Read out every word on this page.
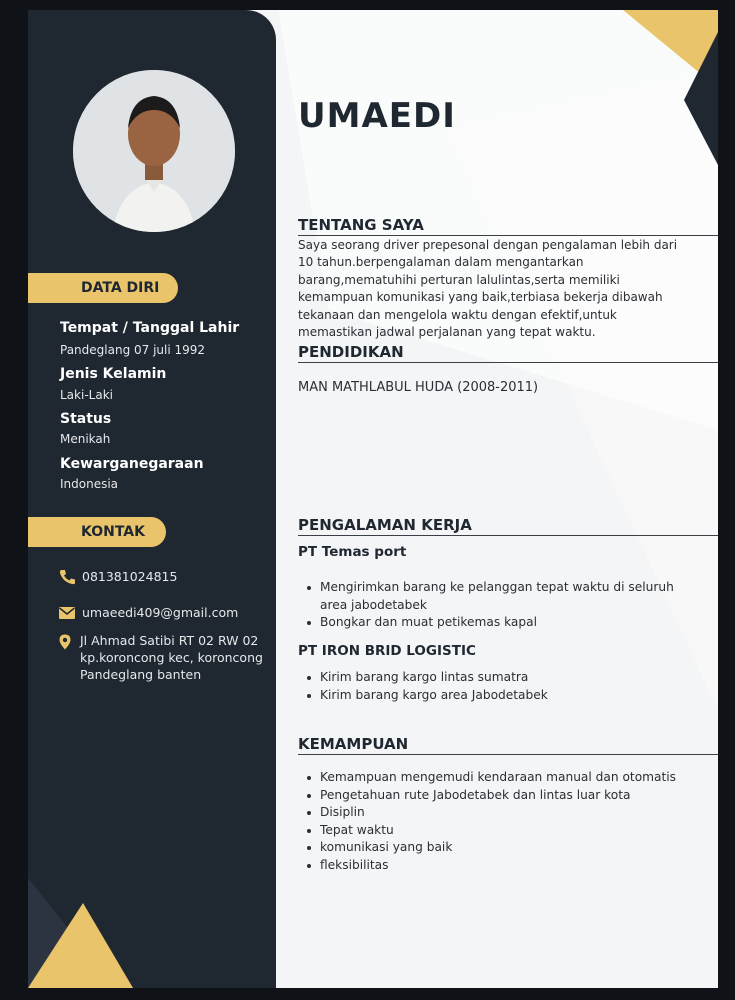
DATA DIRI
Tempat / Tanggal Lahir
Pandeglang 07 juli 1992
Jenis Kelamin
Laki-Laki
Status
Menikah
Kewarganegaraan
Indonesia
KONTAK
081381024815
umaeedi409@gmail.com
Jl Ahmad Satibi RT 02 RW 02
kp.koroncong kec, koroncong
Pandeglang banten
UMAEDI
TENTANG SAYA
Saya seorang driver prepesonal dengan pengalaman lebih dari 10 tahun.berpengalaman dalam mengantarkan barang,mematuhihi perturan lalulintas,serta memiliki kemampuan komunikasi yang baik,terbiasa bekerja dibawah tekanaan dan mengelola waktu dengan efektif,untuk memastikan jadwal perjalanan yang tepat waktu.
PENDIDIKAN
MAN MATHLABUL HUDA (2008-2011)
PENGALAMAN KERJA
PT Temas port
Mengirimkan barang ke pelanggan tepat waktu di seluruh area jabodetabek
Bongkar dan muat petikemas kapal
PT IRON BRID LOGISTIC
Kirim barang kargo lintas sumatra
Kirim barang kargo area Jabodetabek
KEMAMPUAN
Kemampuan mengemudi kendaraan manual dan otomatis
Pengetahuan rute Jabodetabek dan lintas luar kota
Disiplin
Tepat waktu
komunikasi yang baik
fleksibilitas
